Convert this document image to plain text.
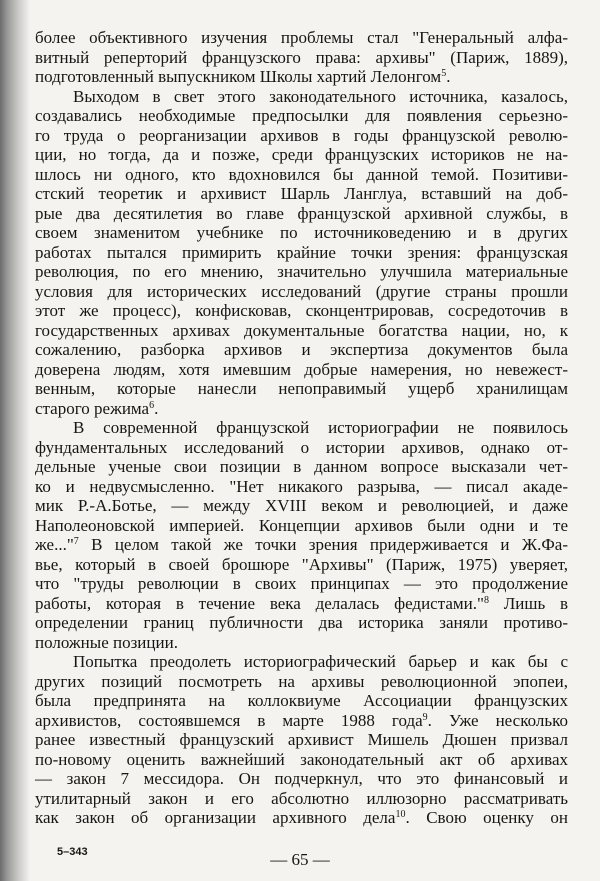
более объективного изучения проблемы стал "Генеральный алфа-
витный реперторий французского права: архивы" (Париж, 1889),
подготовленный выпускником Школы хартий Лелонгом$^5$.

Выходом в свет этого законодательного источника, казалось,
создавались необходимые предпосылки для появления серьезно-
го труда о реорганизации архивов в годы французской револю-
ции, но тогда, да и позже, среди французских историков не на-
шлось ни одного, кто вдохновился бы данной темой. Позитиви-
стский теоретик и архивист Шарль Ланглуа, вставший на доб-
рые два десятилетия во главе французской архивной службы, в
своем знаменитом учебнике по источниковедению и в других
работах пытался примирить крайние точки зрения: французская
революция, по его мнению, значительно улучшила материальные
условия для исторических исследований (другие страны прошли
этот же процесс), конфисковав, сконцентрировав, сосредоточив в
государственных архивах документальные богатства нации, но, к
сожалению, разборка архивов и экспертиза документов была
доверена людям, хотя имевшим добрые намерения, но невежест-
венным, которые нанесли непоправимый ущерб хранилищам
старого режима$^6$.

В современной французской историографии не появилось
фундаментальных исследований о истории архивов, однако от-
дельные ученые свои позиции в данном вопросе высказали чет-
ко и недвусмысленно. "Нет никакого разрыва, — писал акаде-
мик Р.-А.Ботье, — между XVIII веком и революцией, и даже
Наполеоновской империей. Концепции архивов были одни и те
же..."$^7$ В целом такой же точки зрения придерживается и Ж.Фа-
вье, который в своей брошюре "Архивы" (Париж, 1975) уверяет,
что "труды революции в своих принципах — это продолжение
работы, которая в течение века делалась федистами."$^8$ Лишь в
определении границ публичности два историка заняли противо-
положные позиции.

Попытка преодолеть историографический барьер и как бы с
других позиций посмотреть на архивы революционной эпопеи,
была предпринята на коллоквиуме Ассоциации французских
архивистов, состоявшемся в марте 1988 года$^9$. Уже несколько
ранее известный французский архивист Мишель Дюшен призвал
по-новому оценить важнейший законодательный акт об архивах
— закон 7 мессидора. Он подчеркнул, что это финансовый и
утилитарный закон и его абсолютно иллюзорно рассматривать
как закон об организации архивного дела$^{10}$. Свою оценку он

5–343	— 65 —
